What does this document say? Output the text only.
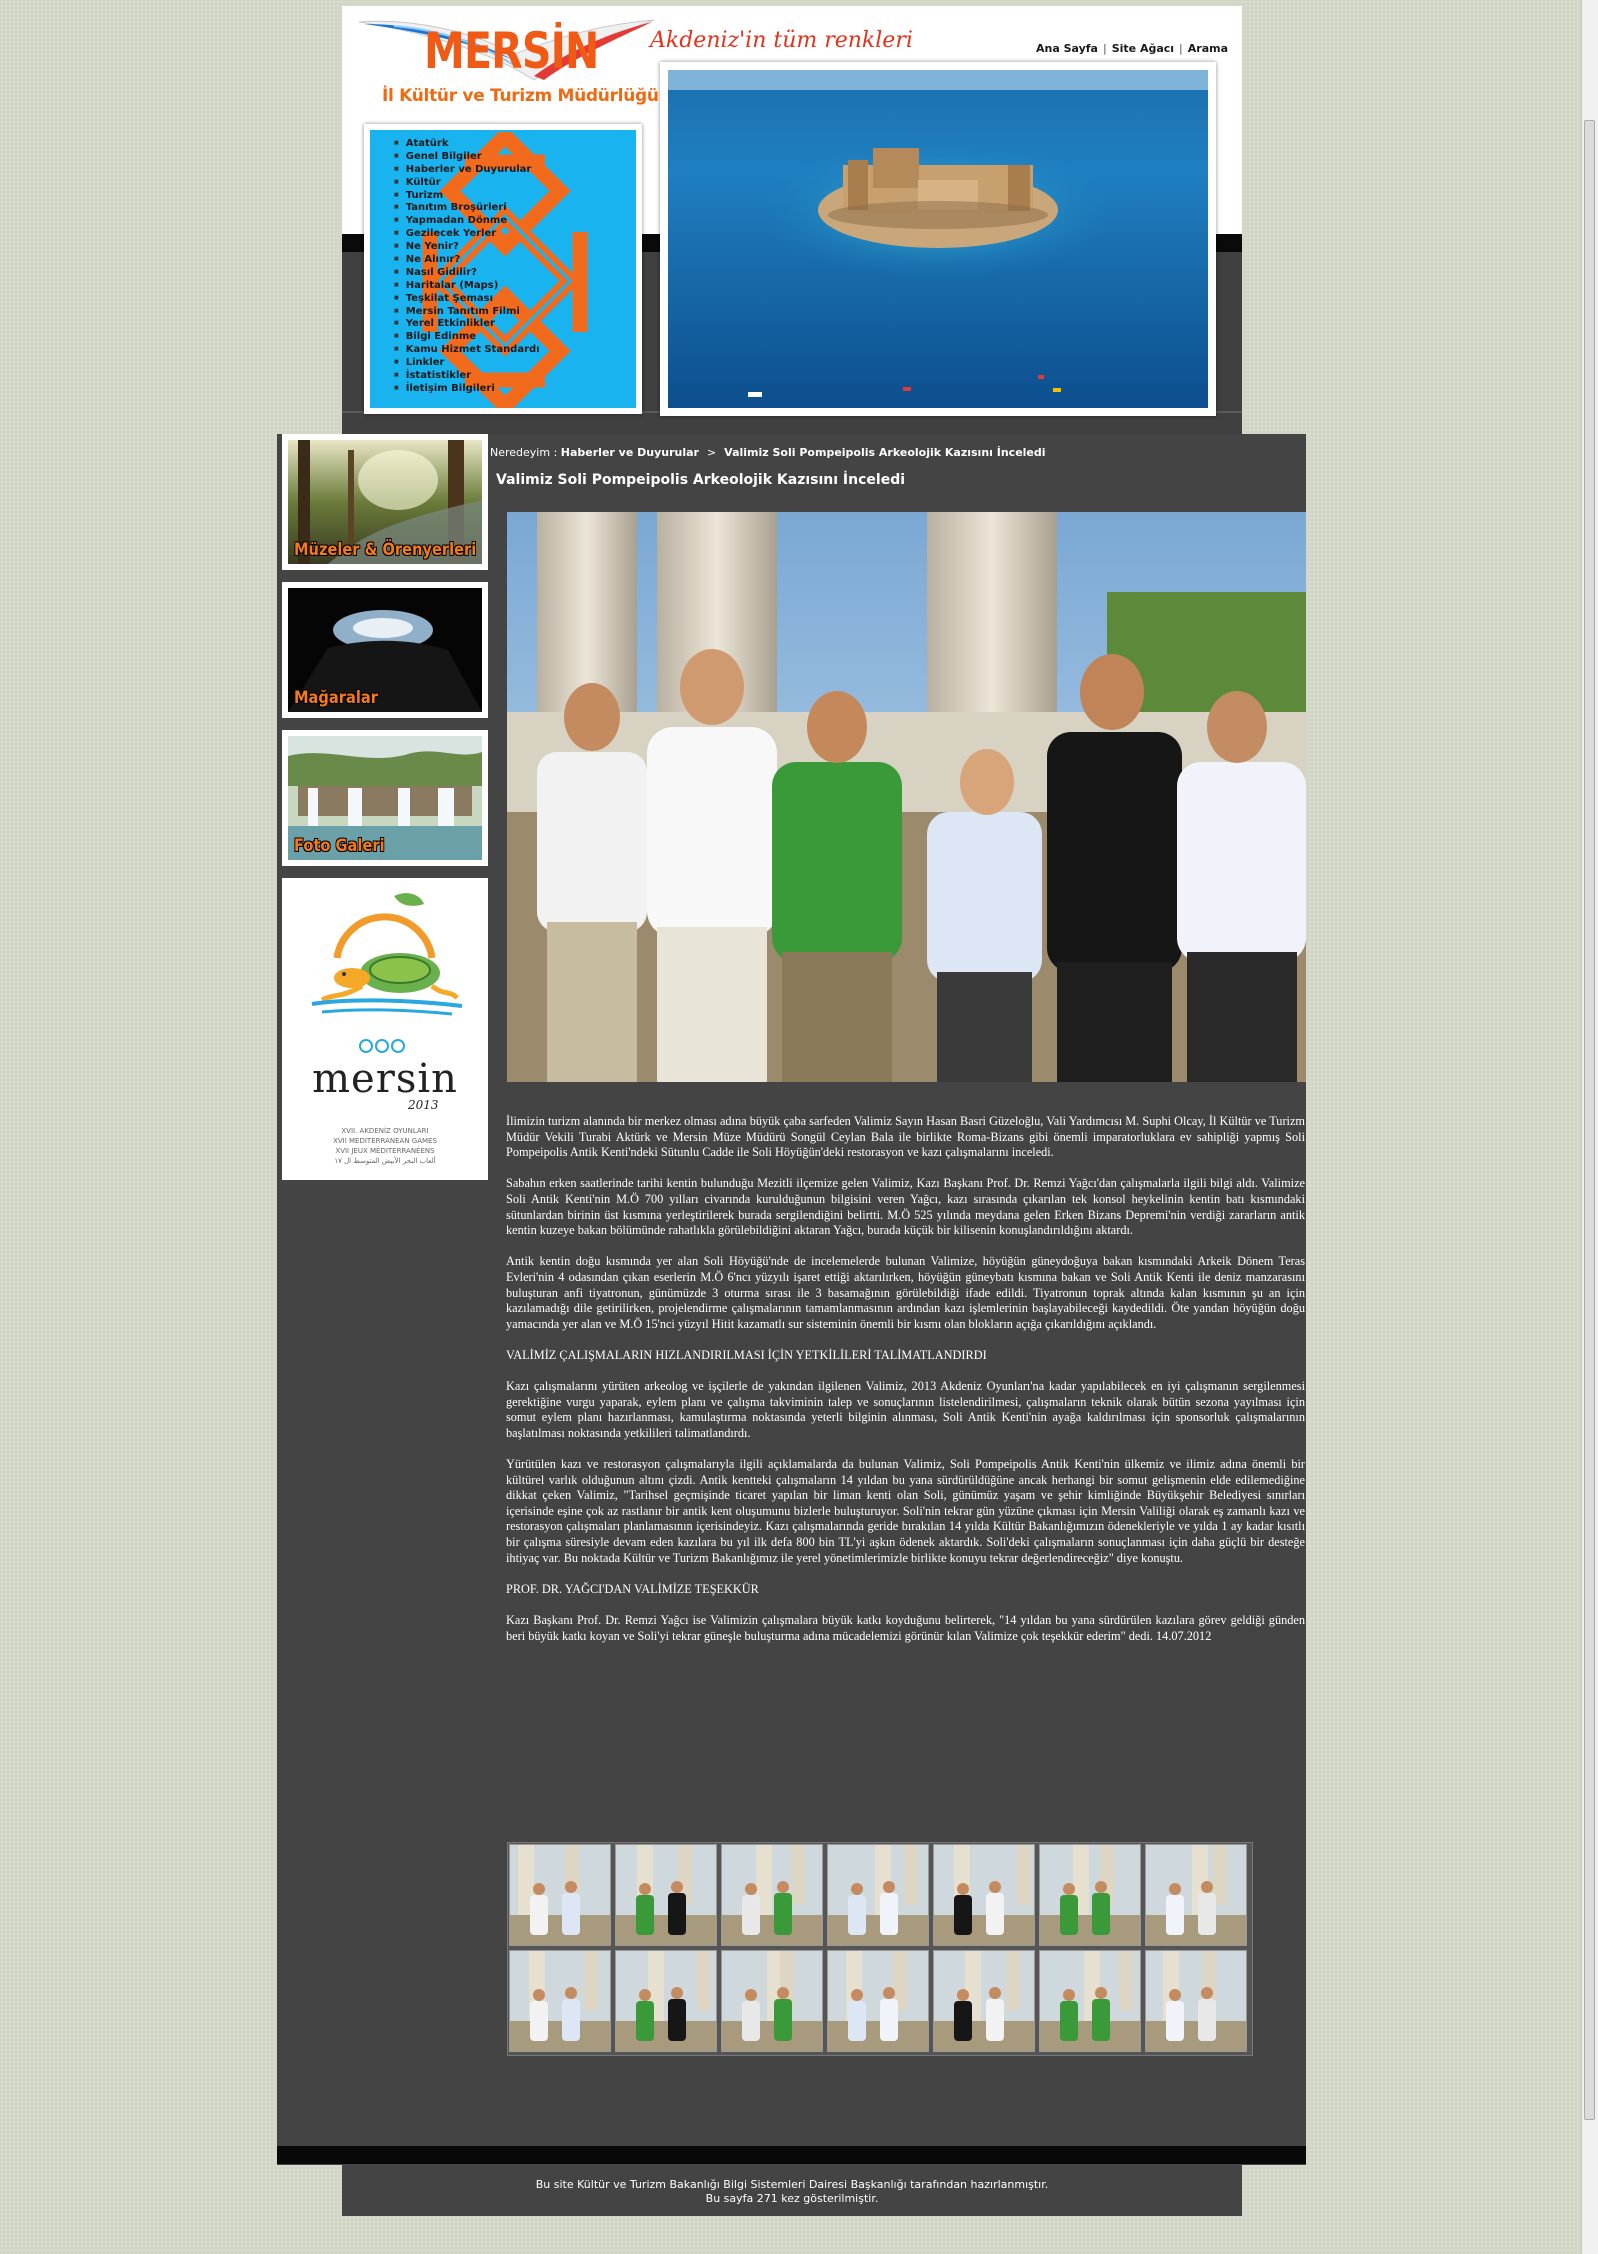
MERSİN Akdeniz'in tüm renkleri
İl Kültür ve Turizm Müdürlüğü
Ana Sayfa | Site Ağacı | Arama
■ Atatürk
■ Genel Bilgiler
■ Haberler ve Duyurular
■ Kültür
■ Turizm
■ Tanıtım Broşürleri
■ Yapmadan Dönme
■ Gezilecek Yerler
■ Ne Yenir?
■ Ne Alınır?
■ Nasıl Gidilir?
■ Haritalar (Maps)
■ Teşkilat Şeması
■ Mersin Tanıtım Filmi
■ Yerel Etkinlikler
■ Bilgi Edinme
■ Kamu Hizmet Standardı
■ Linkler
■ İstatistikler
■ İletişim Bilgileri
Müzeler & Örenyerleri
Mağaralar
Foto Galeri
mersin
2013
XVII. AKDENİZ OYUNLARI
XVII MEDITERRANEAN GAMES
XVII JEUX MÉDITERRANÉENS
ألعاب البحر الأبيض المتوسط ال ١٧
Neredeyim : Haberler ve Duyurular > Valimiz Soli Pompeipolis Arkeolojik Kazısını İnceledi
Valimiz Soli Pompeipolis Arkeolojik Kazısını İnceledi

İlimizin turizm alanında bir merkez olması adına büyük çaba sarfeden Valimiz Sayın Hasan Basri Güzeloğlu, Vali Yardımcısı M. Suphi Olcay, İl Kültür ve Turizm Müdür Vekili Turabi Aktürk ve Mersin Müze Müdürü Songül Ceylan Bala ile birlikte Roma-Bizans gibi önemli imparatorluklara ev sahipliği yapmış Soli Pompeipolis Antik Kenti'ndeki Sütunlu Cadde ile Soli Höyüğün'deki restorasyon ve kazı çalışmalarını inceledi.

Sabahın erken saatlerinde tarihi kentin bulunduğu Mezitli ilçemize gelen Valimiz, Kazı Başkanı Prof. Dr. Remzi Yağcı'dan çalışmalarla ilgili bilgi aldı. Valimize Soli Antik Kenti'nin M.Ö 700 yılları civarında kurulduğunun bilgisini veren Yağcı, kazı sırasında çıkarılan tek konsol heykelinin kentin batı kısmındaki sütunlardan birinin üst kısmına yerleştirilerek burada sergilendiğini belirtti. M.Ö 525 yılında meydana gelen Erken Bizans Depremi'nin verdiği zararların antik kentin kuzeye bakan bölümünde rahatlıkla görülebildiğini aktaran Yağcı, burada küçük bir kilisenin konuşlandırıldığını aktardı.

Antik kentin doğu kısmında yer alan Soli Höyüğü'nde de incelemelerde bulunan Valimize, höyüğün güneydoğuya bakan kısmındaki Arkeik Dönem Teras Evleri'nin 4 odasından çıkan eserlerin M.Ö 6'ncı yüzyılı işaret ettiği aktarılırken, höyüğün güneybatı kısmına bakan ve Soli Antik Kenti ile deniz manzarasını buluşturan anfi tiyatronun, günümüzde 3 oturma sırası ile 3 basamağının görülebildiği ifade edildi. Tiyatronun toprak altında kalan kısmının şu an için kazılamadığı dile getirilirken, projelendirme çalışmalarının tamamlanmasının ardından kazı işlemlerinin başlayabileceği kaydedildi. Öte yandan höyüğün doğu yamacında yer alan ve M.Ö 15'nci yüzyıl Hitit kazamatlı sur sisteminin önemli bir kısmı olan blokların açığa çıkarıldığını açıklandı.

VALİMİZ ÇALIŞMALARIN HIZLANDIRILMASI İÇİN YETKİLİLERİ TALİMATLANDIRDI

Kazı çalışmalarını yürüten arkeolog ve işçilerle de yakından ilgilenen Valimiz, 2013 Akdeniz Oyunları'na kadar yapılabilecek en iyi çalışmanın sergilenmesi gerektiğine vurgu yaparak, eylem planı ve çalışma takviminin talep ve sonuçlarının listelendirilmesi, çalışmaların teknik olarak bütün sezona yayılması için somut eylem planı hazırlanması, kamulaştırma noktasında yeterli bilginin alınması, Soli Antik Kenti'nin ayağa kaldırılması için sponsorluk çalışmalarının başlatılması noktasında yetkilileri talimatlandırdı.

Yürütülen kazı ve restorasyon çalışmalarıyla ilgili açıklamalarda da bulunan Valimiz, Soli Pompeipolis Antik Kenti'nin ülkemiz ve ilimiz adına önemli bir kültürel varlık olduğunun altını çizdi. Antik kentteki çalışmaların 14 yıldan bu yana sürdürüldüğüne ancak herhangi bir somut gelişmenin elde edilemediğine dikkat çeken Valimiz, "Tarihsel geçmişinde ticaret yapılan bir liman kenti olan Soli, günümüz yaşam ve şehir kimliğinde Büyükşehir Belediyesi sınırları içerisinde eşine çok az rastlanır bir antik kent oluşumunu bizlerle buluşturuyor. Soli'nin tekrar gün yüzüne çıkması için Mersin Valiliği olarak eş zamanlı kazı ve restorasyon çalışmaları planlamasının içerisindeyiz. Kazı çalışmalarında geride bırakılan 14 yılda Kültür Bakanlığımızın ödenekleriyle ve yılda 1 ay kadar kısıtlı bir çalışma süresiyle devam eden kazılara bu yıl ilk defa 800 bin TL'yi aşkın ödenek aktardık. Soli'deki çalışmaların sonuçlanması için daha güçlü bir desteğe ihtiyaç var. Bu noktada Kültür ve Turizm Bakanlığımız ile yerel yönetimlerimizle birlikte konuyu tekrar değerlendireceğiz" diye konuştu.

PROF. DR. YAĞCI'DAN VALİMİZE TEŞEKKÜR

Kazı Başkanı Prof. Dr. Remzi Yağcı ise Valimizin çalışmalara büyük katkı koyduğunu belirterek, "14 yıldan bu yana sürdürülen kazılara görev geldiği günden beri büyük katkı koyan ve Soli'yi tekrar güneşle buluşturma adına mücadelemizi görünür kılan Valimize çok teşekkür ederim" dedi. 14.07.2012

Bu site Kültür ve Turizm Bakanlığı Bilgi Sistemleri Dairesi Başkanlığı tarafından hazırlanmıştır.
Bu sayfa 271 kez gösterilmiştir.
